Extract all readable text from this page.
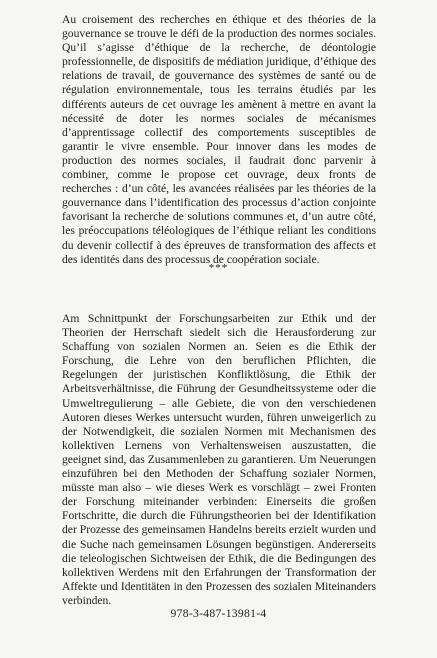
Au croisement des recherches en éthique et des théories de la gouvernance se trouve le défi de la production des normes sociales. Qu’il s’agisse d’éthique de la recherche, de déontologie professionnelle, de dispositifs de médiation juridique, d’éthique des relations de travail, de gouvernance des systèmes de santé ou de régulation environnementale, tous les terrains étudiés par les différents auteurs de cet ouvrage les amènent à mettre en avant la nécessité de doter les normes sociales de mécanismes d’apprentissage collectif des comportements susceptibles de garantir le vivre ensemble. Pour innover dans les modes de production des normes sociales, il faudrait donc parvenir à combiner, comme le propose cet ouvrage, deux fronts de recherches : d’un côté, les avancées réalisées par les théories de la gouvernance dans l’identification des processus d’action conjointe favorisant la recherche de solutions communes et, d’un autre côté, les préoccupations téléologiques de l’éthique reliant les conditions du devenir collectif à des épreuves de transformation des affects et des identités dans des processus de coopération sociale.

***

Am Schnittpunkt der Forschungsarbeiten zur Ethik und der Theorien der Herrschaft siedelt sich die Herausforderung zur Schaffung von sozialen Normen an. Seien es die Ethik der Forschung, die Lehre von den beruflichen Pflichten, die Regelungen der juristischen Konfliktlösung, die Ethik der Arbeitsverhältnisse, die Führung der Gesundheitssysteme oder die Umweltregulierung – alle Gebiete, die von den verschiedenen Autoren dieses Werkes untersucht wurden, führen unweigerlich zu der Notwendigkeit, die sozialen Normen mit Mechanismen des kollektiven Lernens von Verhaltensweisen auszustatten, die geeignet sind, das Zusammenleben zu garantieren. Um Neuerungen einzuführen bei den Methoden der Schaffung sozialer Normen, müsste man also – wie dieses Werk es vorschlägt – zwei Fronten der Forschung miteinander verbinden: Einerseits die großen Fortschritte, die durch die Führungstheorien bei der Identifikation der Prozesse des gemeinsamen Handelns bereits erzielt wurden und die Suche nach gemeinsamen Lösungen begünstigen. Andererseits die teleologischen Sichtweisen der Ethik, die die Bedingungen des kollektiven Werdens mit den Erfahrungen der Transformation der Affekte und Identitäten in den Prozessen des sozialen Miteinanders verbinden.

978-3-487-13981-4
